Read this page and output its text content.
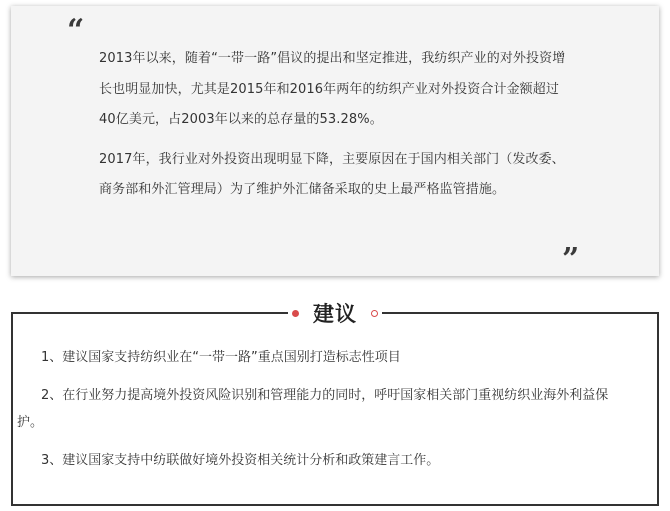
“

2013年以来，随着“一带一路”倡议的提出和坚定推进，我纺织产业的对外投资增长也明显加快，尤其是2015年和2016年两年的纺织产业对外投资合计金额超过40亿美元，占2003年以来的总存量的53.28%。

2017年，我行业对外投资出现明显下降，主要原因在于国内相关部门（发改委、商务部和外汇管理局）为了维护外汇储备采取的史上最严格监管措施。

”
建议

1、建议国家支持纺织业在“一带一路”重点国别打造标志性项目

2、在行业努力提高境外投资风险识别和管理能力的同时，呼吁国家相关部门重视纺织业海外利益保护。

3、建议国家支持中纺联做好境外投资相关统计分析和政策建言工作。
